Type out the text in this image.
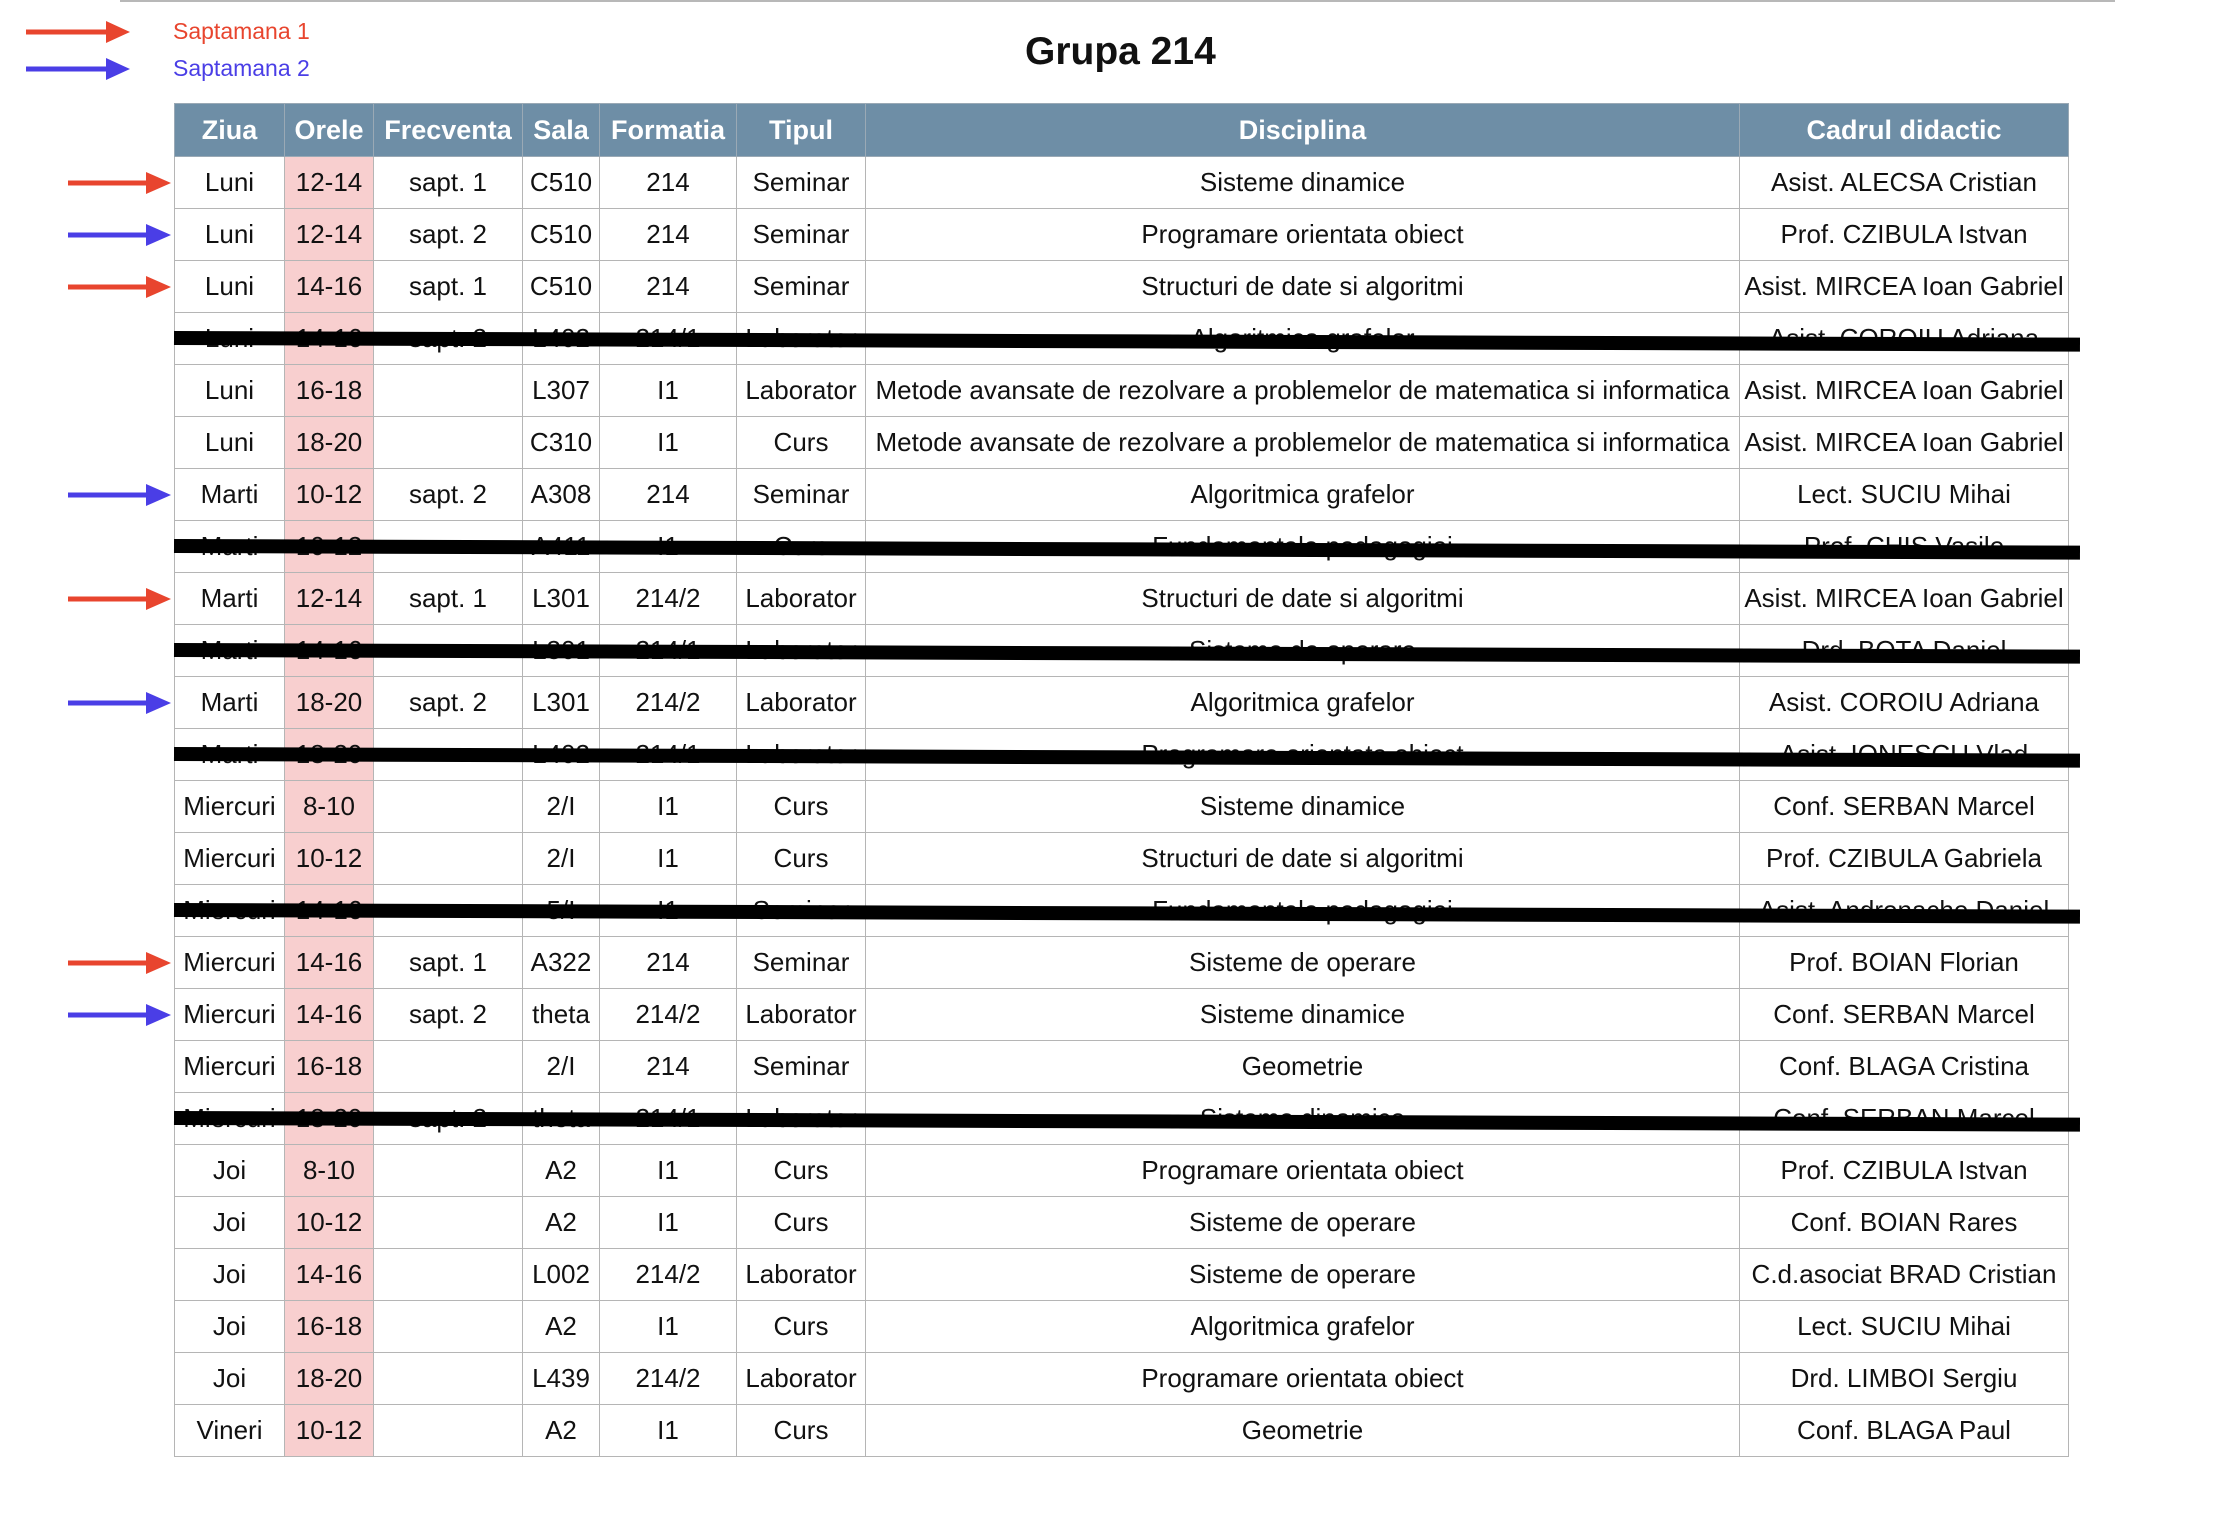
Saptamana 1
Saptamana 2	Grupa 214
Ziua	Orele	Frecventa	Sala	Formatia	Tipul	Disciplina	Cadrul didactic
Luni	12-14	sapt. 1	C510	214	Seminar	Sisteme dinamice	Asist. ALECSA Cristian
Luni	12-14	sapt. 2	C510	214	Seminar	Programare orientata obiect	Prof. CZIBULA Istvan
Luni	14-16	sapt. 1	C510	214	Seminar	Structuri de date si algoritmi	Asist. MIRCEA Ioan Gabriel

Luni	16-18		L307	I1	Laborator	Metode avansate de rezolvare a problemelor de matematica si informatica	Asist. MIRCEA Ioan Gabriel
Luni	18-20		C310	I1	Curs	Metode avansate de rezolvare a problemelor de matematica si informatica	Asist. MIRCEA Ioan Gabriel
Marti	10-12	sapt. 2	A308	214	Seminar	Algoritmica grafelor	Lect. SUCIU Mihai

Marti	12-14	sapt. 1	L301	214/2	Laborator	Structuri de date si algoritmi	Asist. MIRCEA Ioan Gabriel

Marti	18-20	sapt. 2	L301	214/2	Laborator	Algoritmica grafelor	Asist. COROIU Adriana

Miercuri	8-10		2/I	I1	Curs	Sisteme dinamice	Conf. SERBAN Marcel
Miercuri	10-12		2/I	I1	Curs	Structuri de date si algoritmi	Prof. CZIBULA Gabriela

Miercuri	14-16	sapt. 1	A322	214	Seminar	Sisteme de operare	Prof. BOIAN Florian
Miercuri	14-16	sapt. 2	theta	214/2	Laborator	Sisteme dinamice	Conf. SERBAN Marcel
Miercuri	16-18		2/I	214	Seminar	Geometrie	Conf. BLAGA Cristina

Joi	8-10		A2	I1	Curs	Programare orientata obiect	Prof. CZIBULA Istvan
Joi	10-12		A2	I1	Curs	Sisteme de operare	Conf. BOIAN Rares
Joi	14-16		L002	214/2	Laborator	Sisteme de operare	C.d.asociat BRAD Cristian
Joi	16-18		A2	I1	Curs	Algoritmica grafelor	Lect. SUCIU Mihai
Joi	18-20		L439	214/2	Laborator	Programare orientata obiect	Drd. LIMBOI Sergiu
Vineri	10-12		A2	I1	Curs	Geometrie	Conf. BLAGA Paul
